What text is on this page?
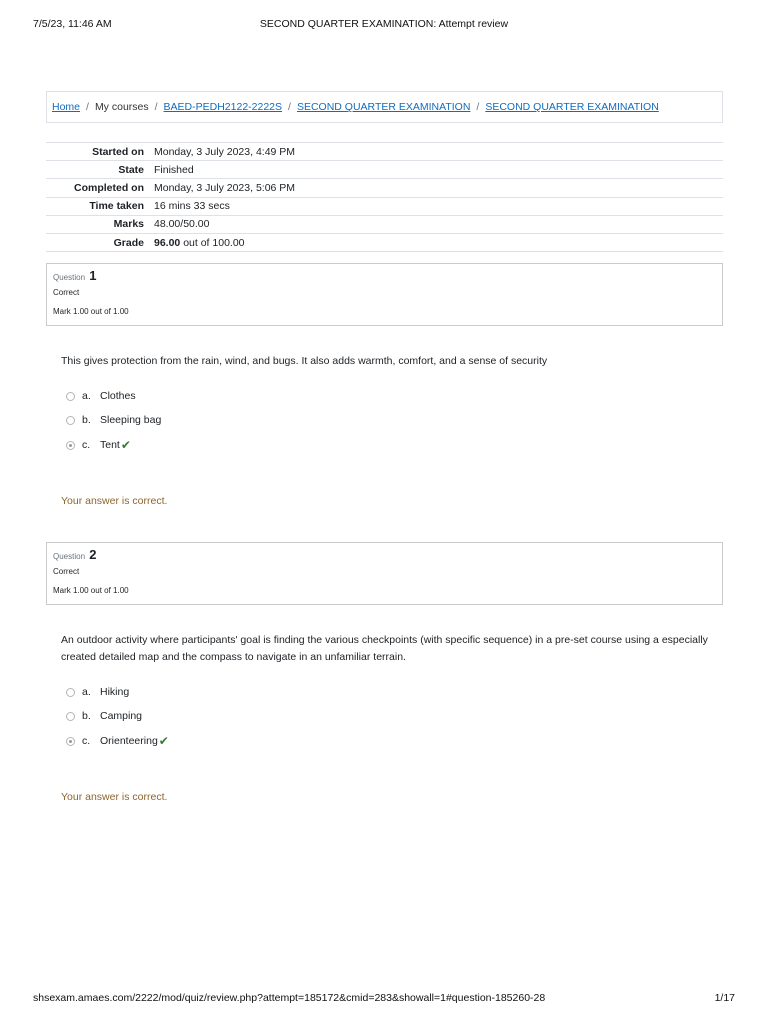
7/5/23, 11:46 AM	SECOND QUARTER EXAMINATION: Attempt review
Home / My courses / BAED-PEDH2122-2222S / SECOND QUARTER EXAMINATION / SECOND QUARTER EXAMINATION
Started on	Monday, 3 July 2023, 4:49 PM
State	Finished
Completed on	Monday, 3 July 2023, 5:06 PM
Time taken	16 mins 33 secs
Marks	48.00/50.00
Grade	96.00 out of 100.00
Question 1
Correct
Mark 1.00 out of 1.00
This gives protection from the rain, wind, and bugs. It also adds warmth, comfort, and a sense of security
a. Clothes
b. Sleeping bag
c. Tent ✔
Your answer is correct.
Question 2
Correct
Mark 1.00 out of 1.00
An outdoor activity where participants' goal is finding the various checkpoints (with specific sequence) in a pre-set course using a especially created detailed map and the compass to navigate in an unfamiliar terrain.
a. Hiking
b. Camping
c. Orienteering ✔
Your answer is correct.
shsexam.amaes.com/2222/mod/quiz/review.php?attempt=185172&cmid=283&showall=1#question-185260-28	1/17
